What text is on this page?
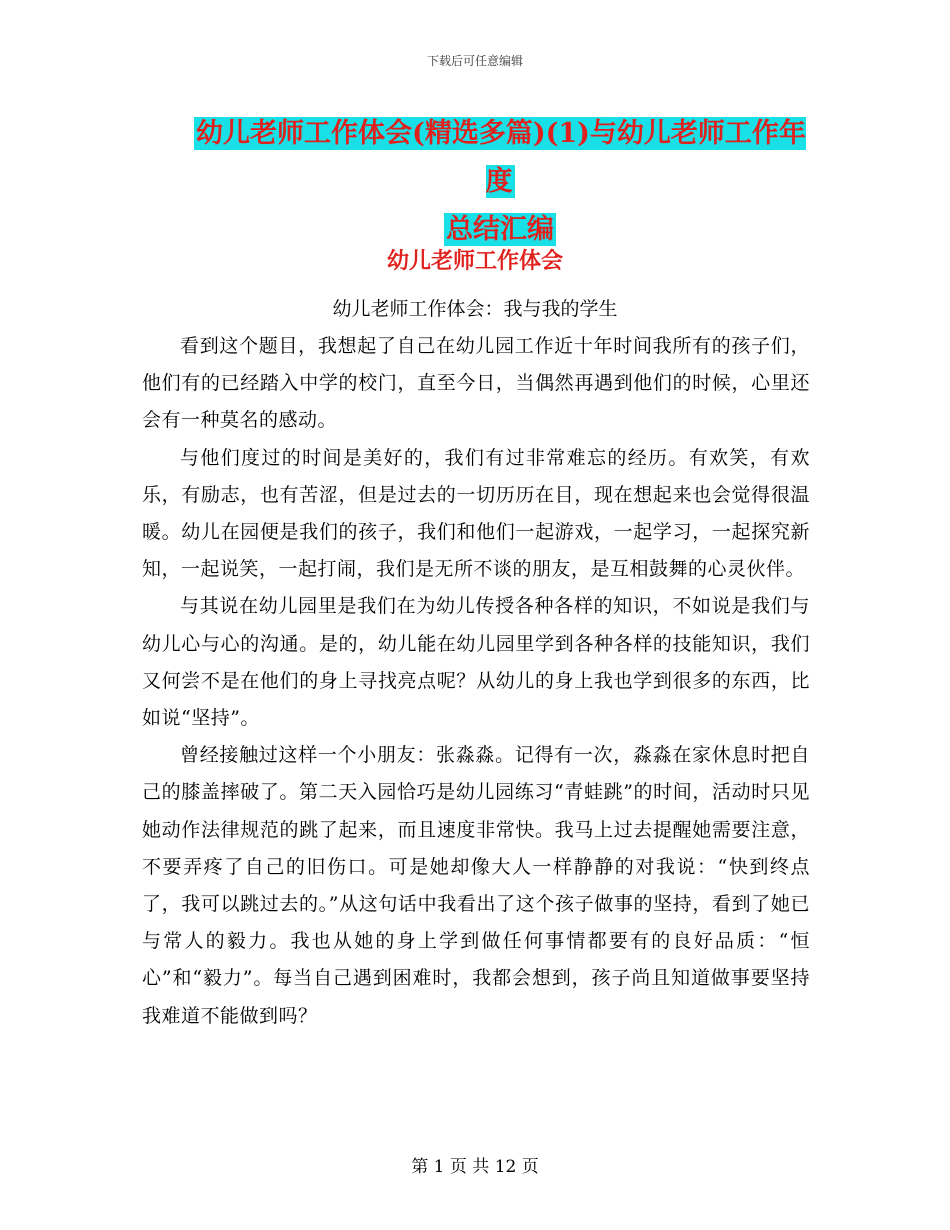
下载后可任意编辑
幼儿老师工作体会(精选多篇)(1)与幼儿老师工作年度
总结汇编
幼儿老师工作体会
幼儿老师工作体会：我与我的学生

看到这个题目，我想起了自己在幼儿园工作近十年时间我所有的孩子们，他们有的已经踏入中学的校门，直至今日，当偶然再遇到他们的时候，心里还会有一种莫名的感动。

与他们度过的时间是美好的，我们有过非常难忘的经历。有欢笑，有欢乐，有励志，也有苦涩，但是过去的一切历历在目，现在想起来也会觉得很温暖。幼儿在园便是我们的孩子，我们和他们一起游戏，一起学习，一起探究新知，一起说笑，一起打闹，我们是无所不谈的朋友，是互相鼓舞的心灵伙伴。

与其说在幼儿园里是我们在为幼儿传授各种各样的知识，不如说是我们与幼儿心与心的沟通。是的，幼儿能在幼儿园里学到各种各样的技能知识，我们又何尝不是在他们的身上寻找亮点呢？从幼儿的身上我也学到很多的东西，比如说“坚持”。

曾经接触过这样一个小朋友：张淼淼。记得有一次，淼淼在家休息时把自己的膝盖摔破了。第二天入园恰巧是幼儿园练习“青蛙跳”的时间，活动时只见她动作法律规范的跳了起来，而且速度非常快。我马上过去提醒她需要注意，不要弄疼了自己的旧伤口。可是她却像大人一样静静的对我说：“快到终点了，我可以跳过去的。”从这句话中我看出了这个孩子做事的坚持，看到了她已与常人的毅力。我也从她的身上学到做任何事情都要有的良好品质：“恒心”和“毅力”。每当自己遇到困难时，我都会想到，孩子尚且知道做事要坚持我难道不能做到吗？

第 1 页 共 12 页
